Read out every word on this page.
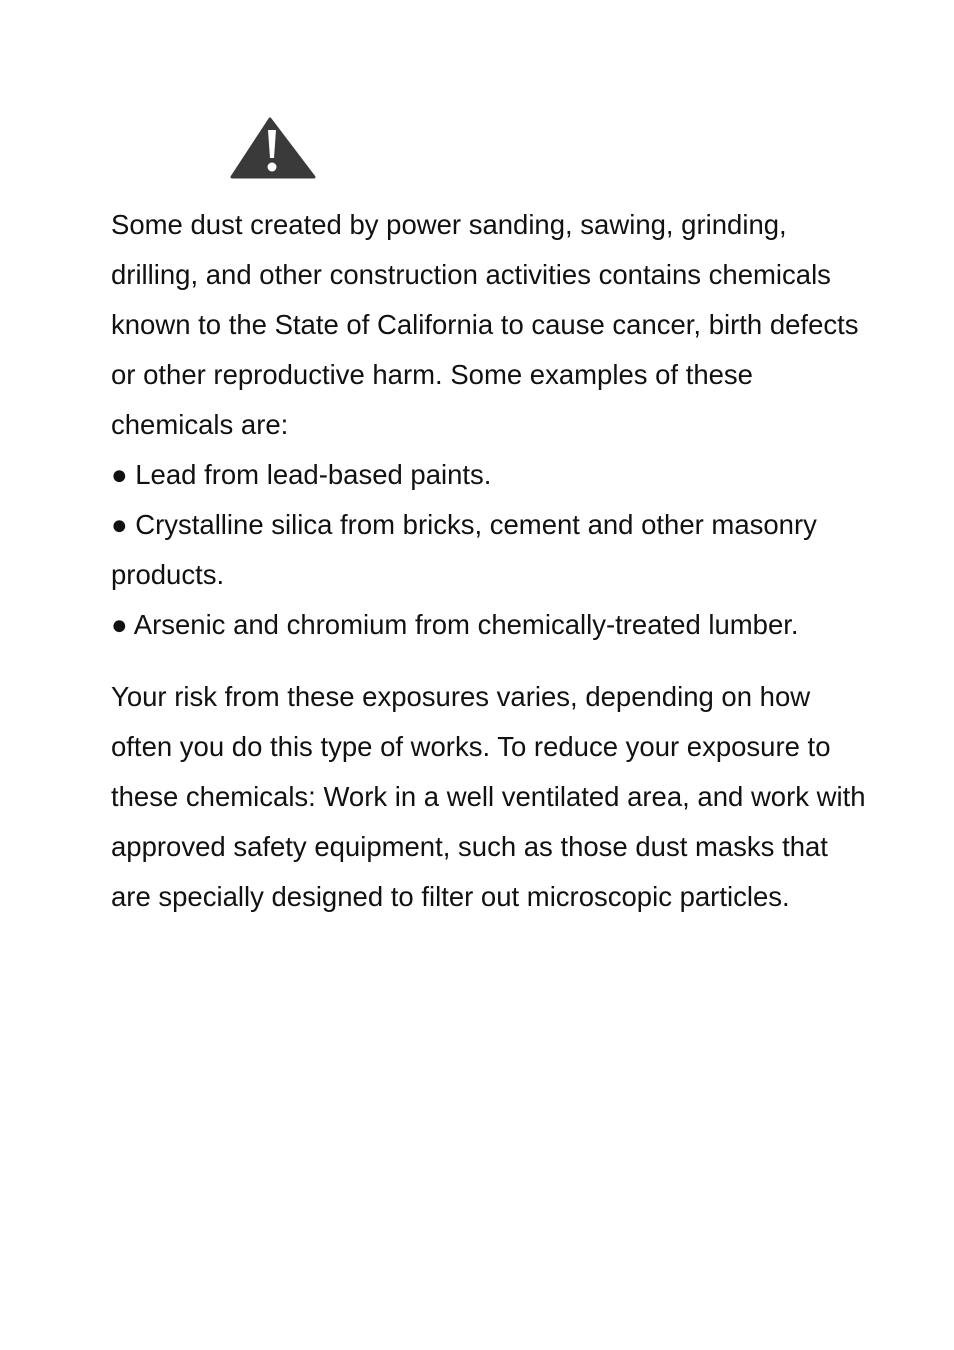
Some dust created by power sanding, sawing, grinding, drilling, and other construction activities contains chemicals known to the State of California to cause cancer, birth defects or other reproductive harm. Some examples of these chemicals are:

● Lead from lead-based paints.
● Crystalline silica from bricks, cement and other masonry products.
● Arsenic and chromium from chemically-treated lumber.

Your risk from these exposures varies, depending on how often you do this type of works. To reduce your exposure to these chemicals: Work in a well ventilated area, and work with approved safety equipment, such as those dust masks that are specially designed to filter out microscopic particles.
